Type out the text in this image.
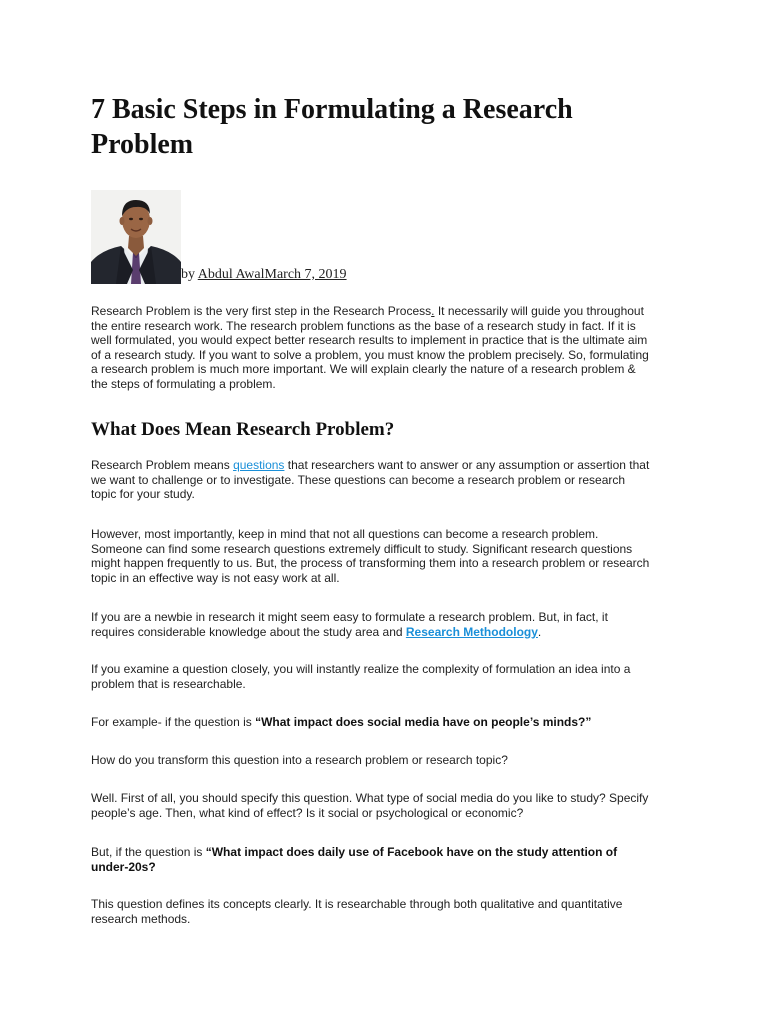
7 Basic Steps in Formulating a Research
Problem
by Abdul AwalMarch 7, 2019

Research Problem is the very first step in the Research Process. It necessarily will guide you throughout
the entire research work. The research problem functions as the base of a research study in fact. If it is
well formulated, you would expect better research results to implement in practice that is the ultimate aim
of a research study. If you want to solve a problem, you must know the problem precisely. So, formulating
a research problem is much more important. We will explain clearly the nature of a research problem &
the steps of formulating a problem.

What Does Mean Research Problem?

Research Problem means questions that researchers want to answer or any assumption or assertion that
we want to challenge or to investigate. These questions can become a research problem or research
topic for your study.

However, most importantly, keep in mind that not all questions can become a research problem.
Someone can find some research questions extremely difficult to study. Significant research questions
might happen frequently to us. But, the process of transforming them into a research problem or research
topic in an effective way is not easy work at all.

If you are a newbie in research it might seem easy to formulate a research problem. But, in fact, it
requires considerable knowledge about the study area and Research Methodology.

If you examine a question closely, you will instantly realize the complexity of formulation an idea into a
problem that is researchable.

For example- if the question is “What impact does social media have on people’s minds?”

How do you transform this question into a research problem or research topic?

Well. First of all, you should specify this question. What type of social media do you like to study? Specify
people’s age. Then, what kind of effect? Is it social or psychological or economic?

But, if the question is “What impact does daily use of Facebook have on the study attention of
under-20s?

This question defines its concepts clearly. It is researchable through both qualitative and quantitative
research methods.
